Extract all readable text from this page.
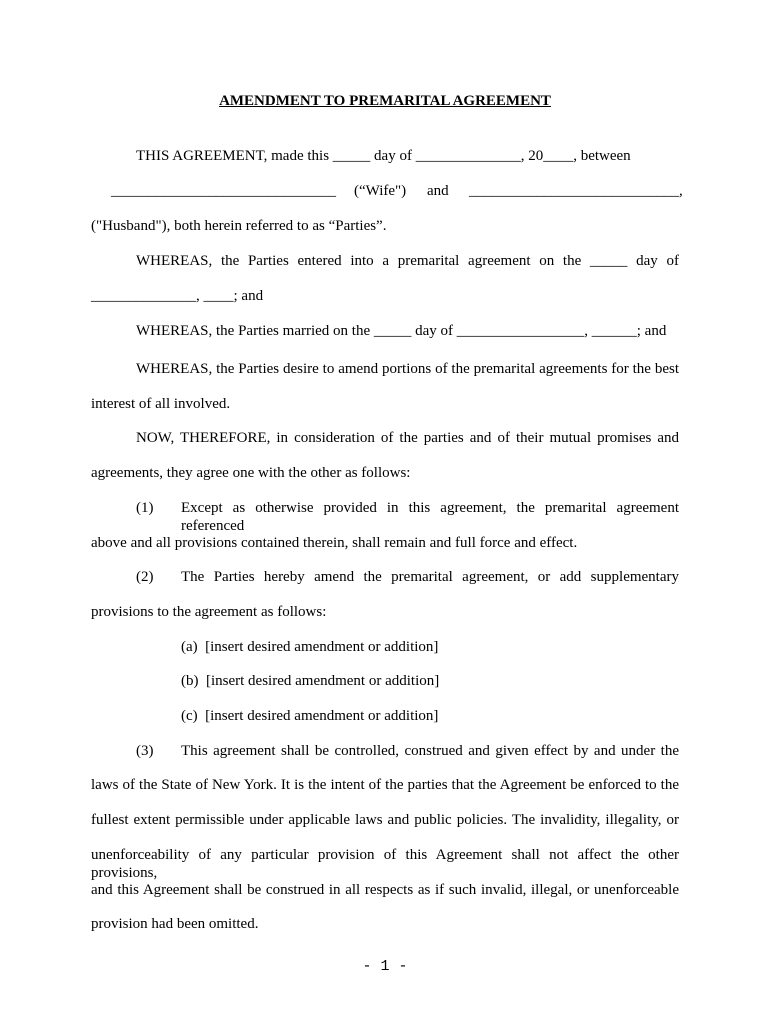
AMENDMENT TO PREMARITAL AGREEMENT
THIS AGREEMENT, made this _____ day of ______________, 20____, between
______________________________ (“Wife") and ____________________________,
("Husband"), both herein referred to as “Parties”.
WHEREAS, the Parties entered into a premarital agreement on the _____ day of
______________, ____; and
WHEREAS, the Parties married on the _____ day of _________________, ______; and
WHEREAS, the Parties desire to amend portions of the premarital agreements for the best
interest of all involved.
NOW, THEREFORE, in consideration of the parties and of their mutual promises and
agreements, they agree one with the other as follows:
(1) Except as otherwise provided in this agreement, the premarital agreement referenced
above and all provisions contained therein, shall remain and full force and effect.
(2) The Parties hereby amend the premarital agreement, or add supplementary
provisions to the agreement as follows:
(a)  [insert desired amendment or addition]
(b)  [insert desired amendment or addition]
(c)  [insert desired amendment or addition]
(3) This agreement shall be controlled, construed and given effect by and under the
laws of the State of New York. It is the intent of the parties that the Agreement be enforced to the
fullest extent permissible under applicable laws and public policies. The invalidity, illegality, or
unenforceability of any particular provision of this Agreement shall not affect the other provisions,
and this Agreement shall be construed in all respects as if such invalid, illegal, or unenforceable
provision had been omitted.
- 1 -
